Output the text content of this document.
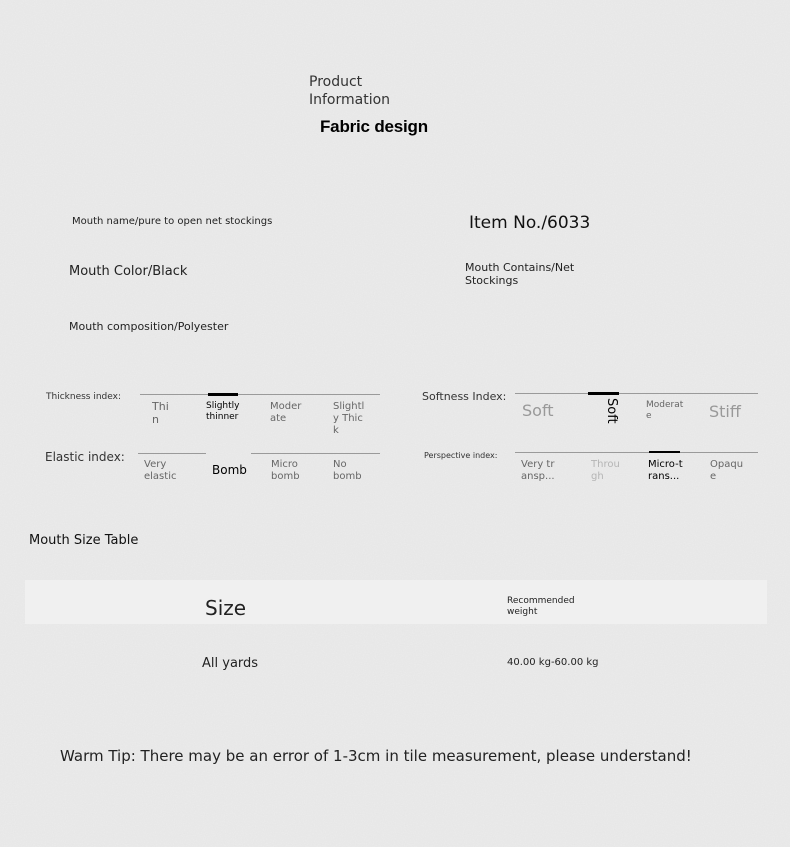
Product
Information
Fabric design
Mouth name/pure to open net stockings	Item No./6033
Mouth Color/Black	Mouth Contains/Net Stockings
Mouth composition/Polyester
Thickness index:
Thin
Slightly thinner
Moderate
Slightly Thick
Elastic index:
Very elastic	Bomb	Micro bomb
No bomb
Softness Index:
Soft	Soft	Moderate	Stiff
Perspective index:
Very transp...
Through
Micro-trans...
Opaque
Mouth Size Table
Size	Recommended weight
All yards	40.00 kg-60.00 kg
Warm Tip: There may be an error of 1-3cm in tile measurement, please understand!
